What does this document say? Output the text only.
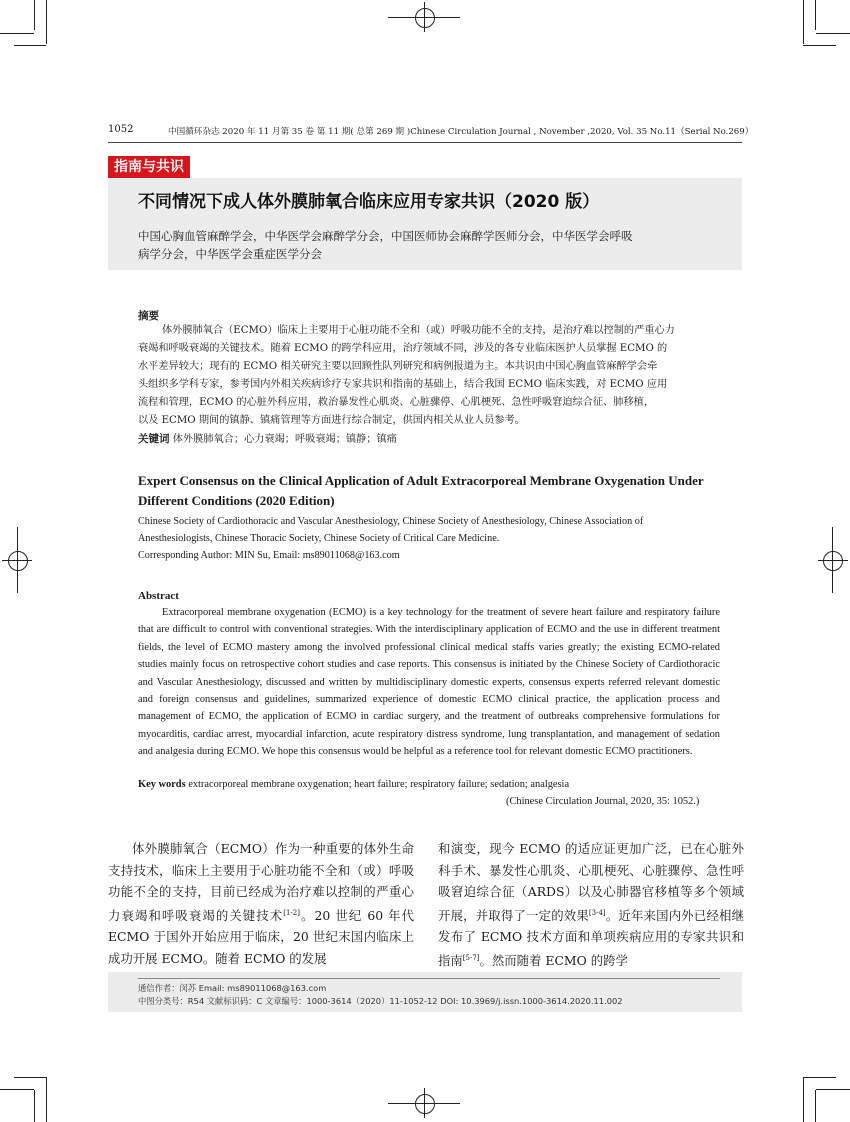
1052	中国循环杂志 2020 年 11 月第 35 卷 第 11 期( 总第 269 期 )Chinese Circulation Journal , November ,2020, Vol. 35 No.11（Serial No.269）
指南与共识
不同情况下成人体外膜肺氧合临床应用专家共识（2020 版）
中国心胸血管麻醉学会，中华医学会麻醉学分会，中国医师协会麻醉学医师分会，中华医学会呼吸
病学分会，中华医学会重症医学分会
摘要
体外膜肺氧合（ECMO）临床上主要用于心脏功能不全和（或）呼吸功能不全的支持，是治疗难以控制的严重心力
衰竭和呼吸衰竭的关键技术。随着 ECMO 的跨学科应用，治疗领域不同，涉及的各专业临床医护人员掌握 ECMO 的
水平差异较大；现有的 ECMO 相关研究主要以回顾性队列研究和病例报道为主。本共识由中国心胸血管麻醉学会牵
头组织多学科专家，参考国内外相关疾病诊疗专家共识和指南的基础上，结合我国 ECMO 临床实践，对 ECMO 应用
流程和管理，ECMO 的心脏外科应用，救治暴发性心肌炎、心脏骤停、心肌梗死、急性呼吸窘迫综合征、肺移植，
以及 ECMO 期间的镇静、镇痛管理等方面进行综合制定，供国内相关从业人员参考。
关键词 体外膜肺氧合；心力衰竭；呼吸衰竭；镇静；镇痛
Expert Consensus on the Clinical Application of Adult Extracorporeal Membrane Oxygenation Under
Different Conditions (2020 Edition)
Chinese Society of Cardiothoracic and Vascular Anesthesiology, Chinese Society of Anesthesiology, Chinese Association of
Anesthesiologists, Chinese Thoracic Society, Chinese Society of Critical Care Medicine.
Corresponding Author: MIN Su, Email: ms89011068@163.com
Abstract
Extracorporeal membrane oxygenation (ECMO) is a key technology for the treatment of severe heart failure and respiratory failure that are difficult to control with conventional strategies. With the interdisciplinary application of ECMO and the use in different treatment fields, the level of ECMO mastery among the involved professional clinical medical staffs varies greatly; the existing ECMO-related studies mainly focus on retrospective cohort studies and case reports. This consensus is initiated by the Chinese Society of Cardiothoracic and Vascular Anesthesiology, discussed and written by multidisciplinary domestic experts, consensus experts referred relevant domestic and foreign consensus and guidelines, summarized experience of domestic ECMO clinical practice, the application process and management of ECMO, the application of ECMO in cardiac surgery, and the treatment of outbreaks comprehensive formulations for myocarditis, cardiac arrest, myocardial infarction, acute respiratory distress syndrome, lung transplantation, and management of sedation and analgesia during ECMO. We hope this consensus would be helpful as a reference tool for relevant domestic ECMO practitioners.
Key words extracorporeal membrane oxygenation; heart failure; respiratory failure; sedation; analgesia
(Chinese Circulation Journal, 2020, 35: 1052.)
体外膜肺氧合（ECMO）作为一种重要的体外生命支持技术，临床上主要用于心脏功能不全和（或）呼吸功能不全的支持，目前已经成为治疗难以控制的严重心力衰竭和呼吸衰竭的关键技术[1-2]。20 世纪 60 年代 ECMO 于国外开始应用于临床，20 世纪末国内临床上成功开展 ECMO。随着 ECMO 的发展
和演变，现今 ECMO 的适应证更加广泛，已在心脏外科手术、暴发性心肌炎、心肌梗死、心脏骤停、急性呼吸窘迫综合征（ARDS）以及心肺器官移植等多个领域开展，并取得了一定的效果[3-4]。近年来国内外已经相继发布了 ECMO 技术方面和单项疾病应用的专家共识和指南[5-7]。然而随着 ECMO 的跨学
通信作者：闵苏 Email: ms89011068@163.com
中图分类号：R54 文献标识码：C 文章编号：1000-3614（2020）11-1052-12 DOI: 10.3969/j.issn.1000-3614.2020.11.002
